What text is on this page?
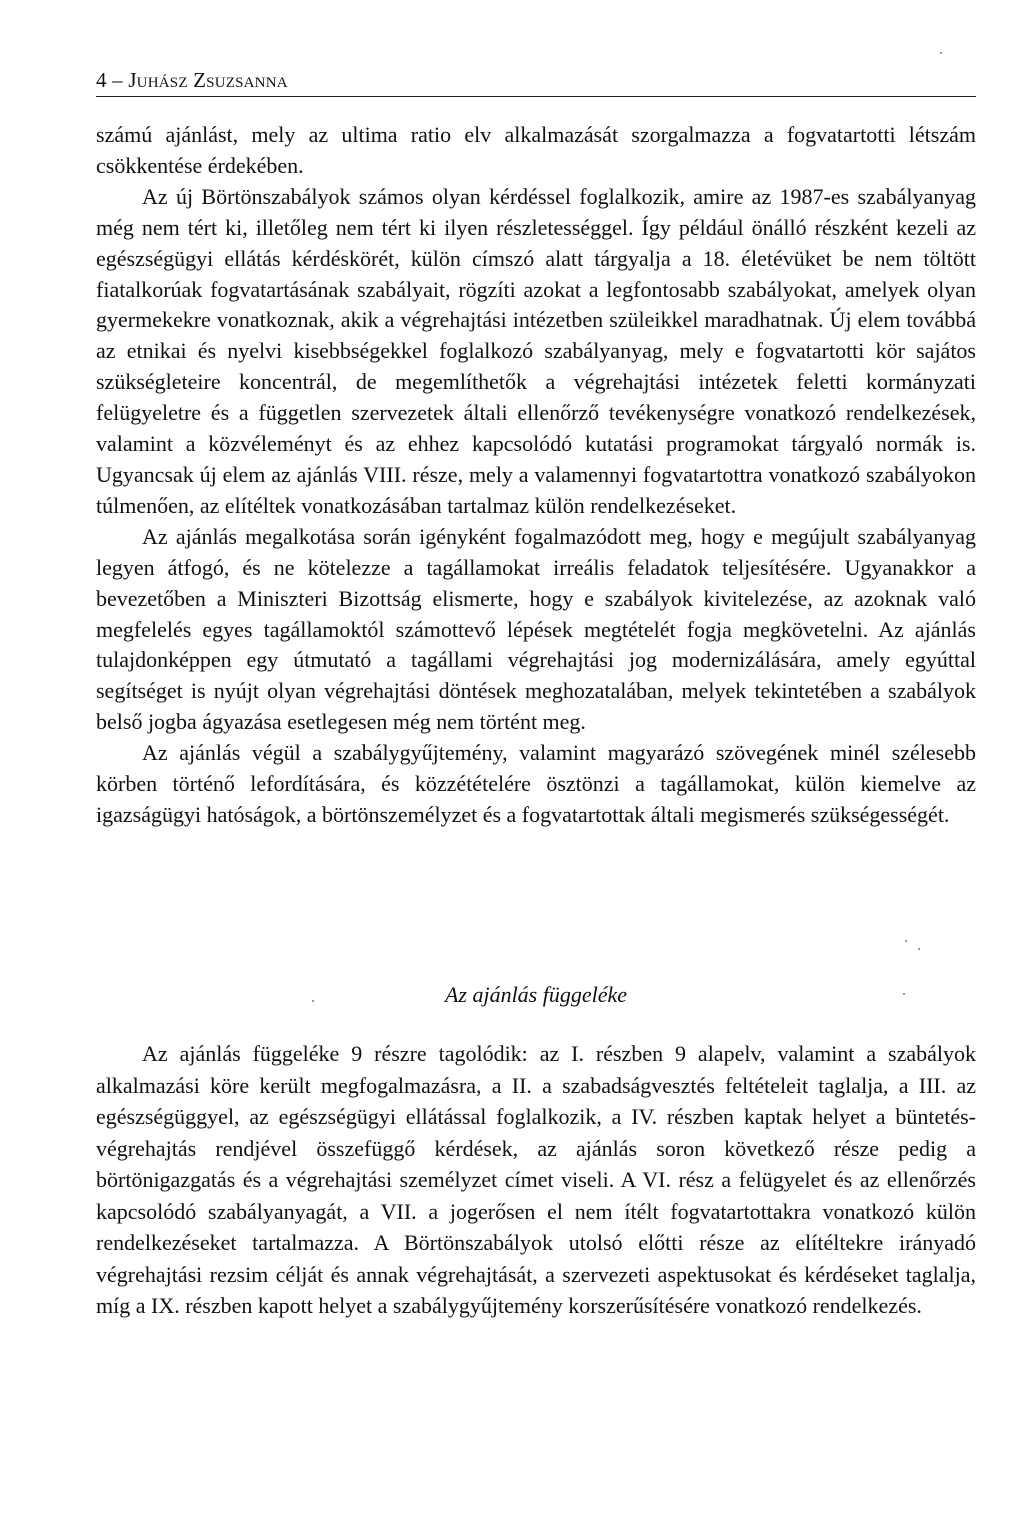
4 – Juhász Zsuzsanna

számú ajánlást, mely az ultima ratio elv alkalmazását szorgalmazza a fogvatartotti létszám csökkentése érdekében.

Az új Börtönszabályok számos olyan kérdéssel foglalkozik, amire az 1987-es szabályanyag még nem tért ki, illetőleg nem tért ki ilyen részletességgel. Így például önálló részként kezeli az egészségügyi ellátás kérdéskörét, külön címszó alatt tárgyalja a 18. életévüket be nem töltött fiatalkorúak fogvatartásának szabályait, rögzíti azokat a legfontosabb szabályokat, amelyek olyan gyermekekre vonatkoznak, akik a végrehajtási intézetben szüleikkel maradhatnak. Új elem továbbá az etnikai és nyelvi kisebbségekkel foglalkozó szabályanyag, mely e fogvatartotti kör sajátos szükségleteire koncentrál, de megemlíthetők a végrehajtási intézetek feletti kormányzati felügyeletre és a független szervezetek általi ellenőrző tevékenységre vonatkozó rendelkezések, valamint a közvéleményt és az ehhez kapcsolódó kutatási programokat tárgyaló normák is. Ugyancsak új elem az ajánlás VIII. része, mely a valamennyi fogvatartottra vonatkozó szabályokon túlmenően, az elítéltek vonatkozásában tartalmaz külön rendelkezéseket.

Az ajánlás megalkotása során igényként fogalmazódott meg, hogy e megújult szabályanyag legyen átfogó, és ne kötelezze a tagállamokat irreális feladatok teljesítésére. Ugyanakkor a bevezetőben a Miniszteri Bizottság elismerte, hogy e szabályok kivitelezése, az azoknak való megfelelés egyes tagállamoktól számottevő lépések megtételét fogja megkövetelni. Az ajánlás tulajdonképpen egy útmutató a tagállami végrehajtási jog modernizálására, amely egyúttal segítséget is nyújt olyan végrehajtási döntések meghozatalában, melyek tekintetében a szabályok belső jogba ágyazása esetlegesen még nem történt meg.

Az ajánlás végül a szabálygyűjtemény, valamint magyarázó szövegének minél szélesebb körben történő lefordítására, és közzétételére ösztönzi a tagállamokat, külön kiemelve az igazságügyi hatóságok, a börtönszemélyzet és a fogvatartottak általi megismerés szükségességét.

Az ajánlás függeléke

Az ajánlás függeléke 9 részre tagolódik: az I. részben 9 alapelv, valamint a szabályok alkalmazási köre került megfogalmazásra, a II. a szabadságvesztés feltételeit taglalja, a III. az egészségüggyel, az egészségügyi ellátással foglalkozik, a IV. részben kaptak helyet a büntetés-végrehajtás rendjével összefüggő kérdések, az ajánlás soron következő része pedig a börtönigazgatás és a végrehajtási személyzet címet viseli. A VI. rész a felügyelet és az ellenőrzés kapcsolódó szabályanyagát, a VII. a jogerősen el nem ítélt fogvatartottakra vonatkozó külön rendelkezéseket tartalmazza. A Börtönszabályok utolsó előtti része az elítéltekre irányadó végrehajtási rezsim célját és annak végrehajtását, a szervezeti aspektusokat és kérdéseket taglalja, míg a IX. részben kapott helyet a szabálygyűjtemény korszerűsítésére vonatkozó rendelkezés.
